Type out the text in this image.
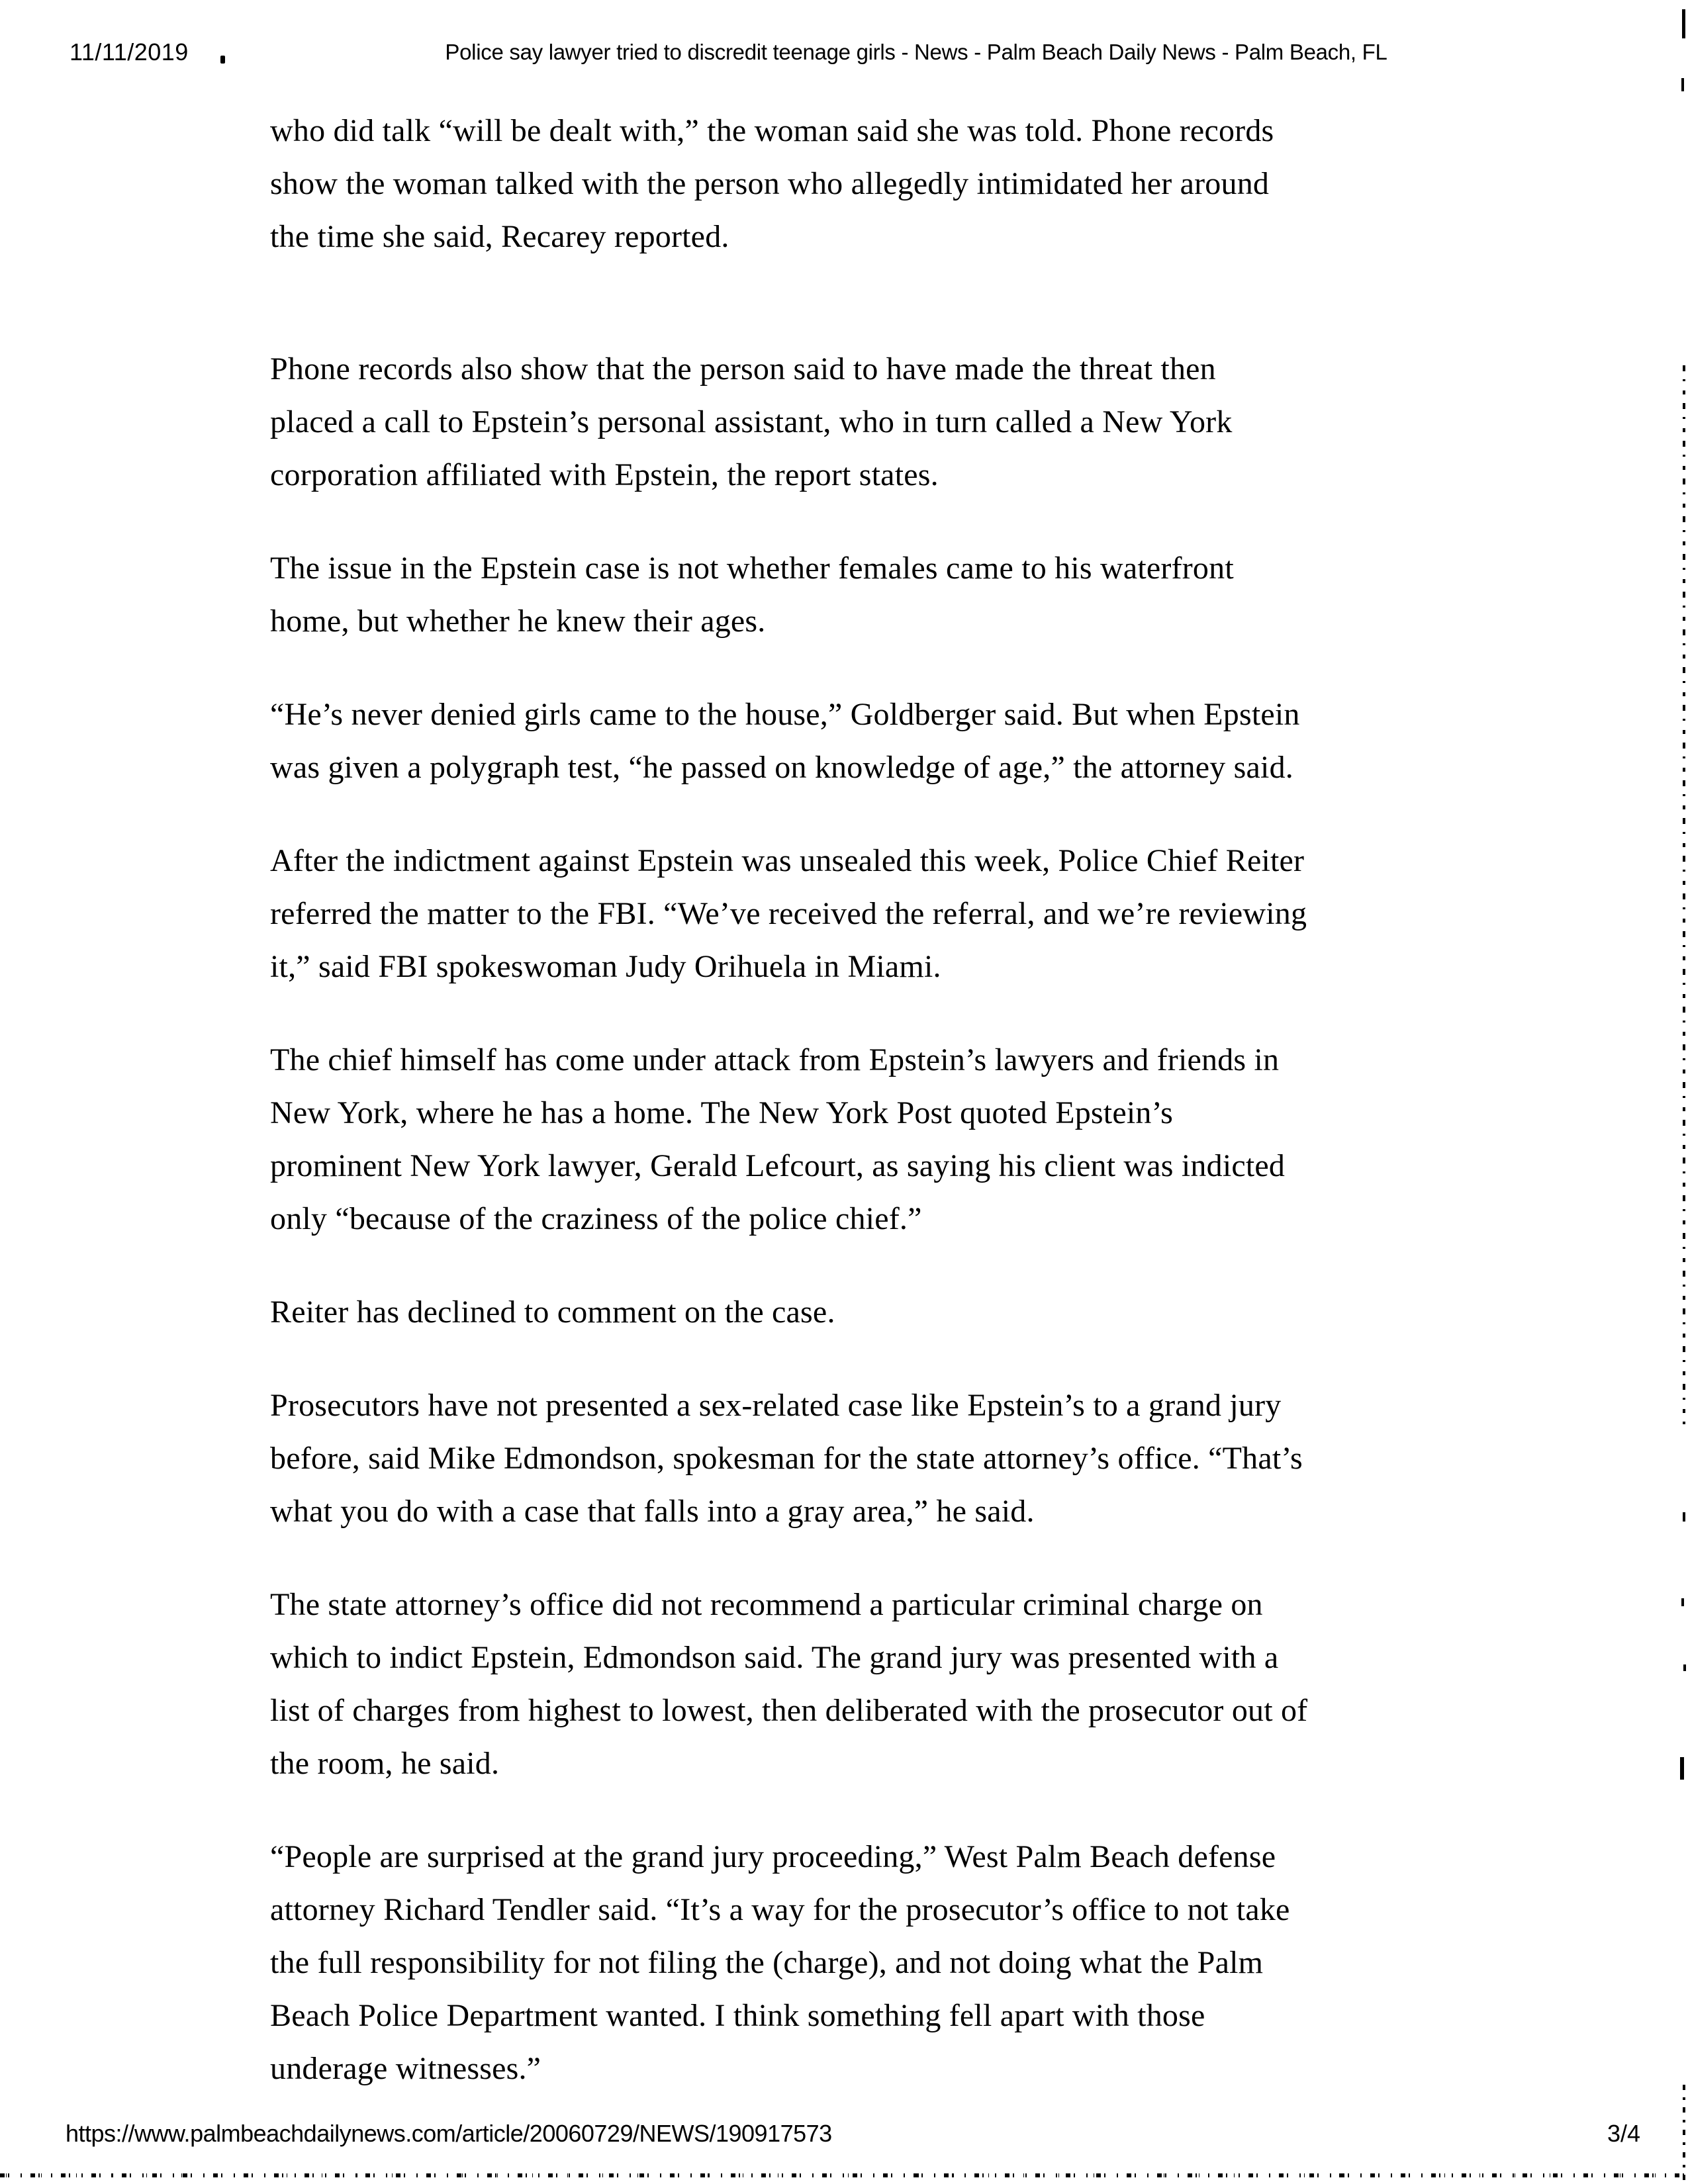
11/11/2019	Police say lawyer tried to discredit teenage girls - News - Palm Beach Daily News - Palm Beach, FL
who did talk “will be dealt with,” the woman said she was told. Phone records
show the woman talked with the person who allegedly intimidated her around
the time she said, Recarey reported.
Phone records also show that the person said to have made the threat then
placed a call to Epstein’s personal assistant, who in turn called a New York
corporation affiliated with Epstein, the report states.
The issue in the Epstein case is not whether females came to his waterfront
home, but whether he knew their ages.
“He’s never denied girls came to the house,” Goldberger said. But when Epstein
was given a polygraph test, “he passed on knowledge of age,” the attorney said.
After the indictment against Epstein was unsealed this week, Police Chief Reiter
referred the matter to the FBI. “We’ve received the referral, and we’re reviewing
it,” said FBI spokeswoman Judy Orihuela in Miami.
The chief himself has come under attack from Epstein’s lawyers and friends in
New York, where he has a home. The New York Post quoted Epstein’s
prominent New York lawyer, Gerald Lefcourt, as saying his client was indicted
only “because of the craziness of the police chief.”
Reiter has declined to comment on the case.
Prosecutors have not presented a sex-related case like Epstein’s to a grand jury
before, said Mike Edmondson, spokesman for the state attorney’s office. “That’s
what you do with a case that falls into a gray area,” he said.
The state attorney’s office did not recommend a particular criminal charge on
which to indict Epstein, Edmondson said. The grand jury was presented with a
list of charges from highest to lowest, then deliberated with the prosecutor out of
the room, he said.
“People are surprised at the grand jury proceeding,” West Palm Beach defense
attorney Richard Tendler said. “It’s a way for the prosecutor’s office to not take
the full responsibility for not filing the (charge), and not doing what the Palm
Beach Police Department wanted. I think something fell apart with those
underage witnesses.”
https://www.palmbeachdailynews.com/article/20060729/NEWS/190917573	3/4
